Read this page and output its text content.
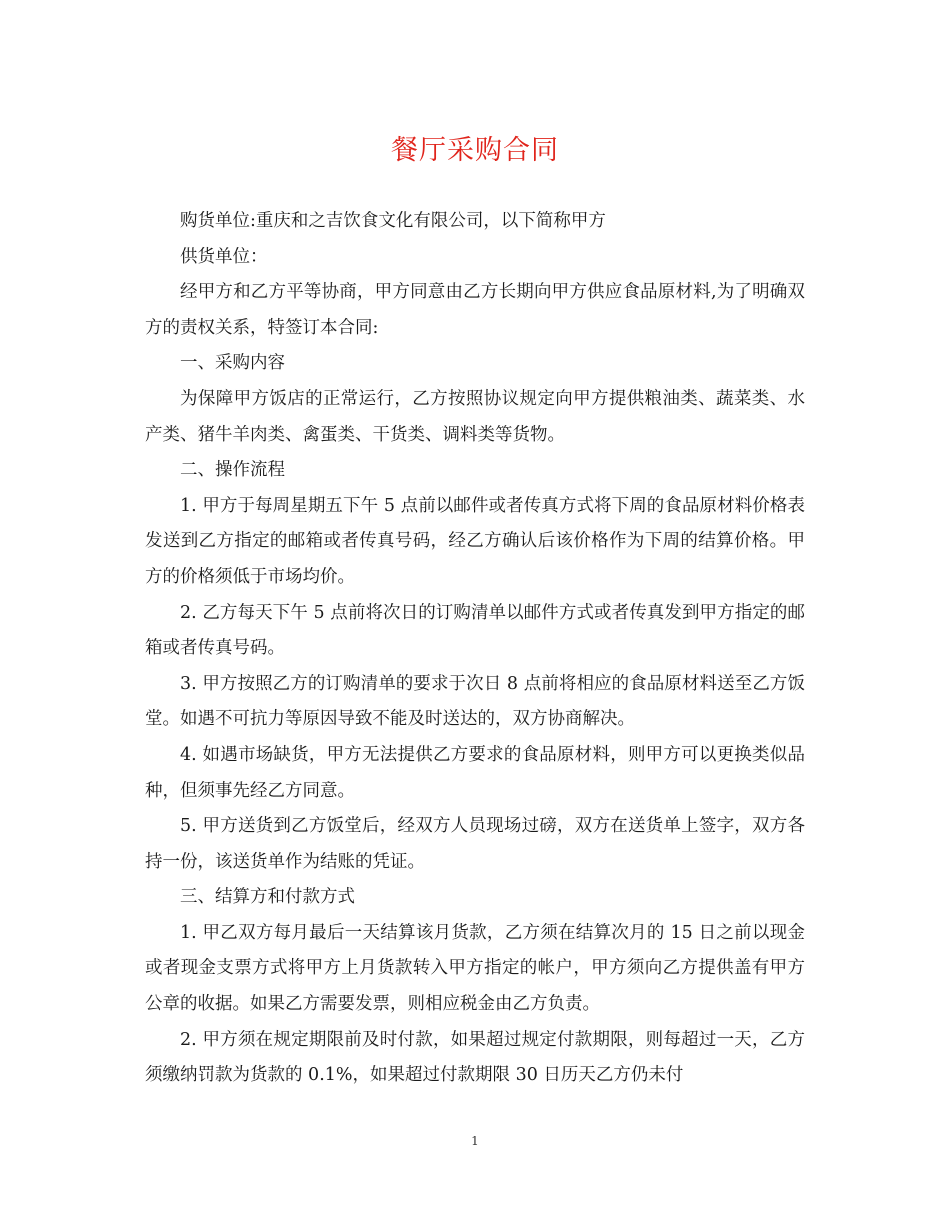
餐厅采购合同

购货单位:重庆和之吉饮食文化有限公司，以下简称甲方

供货单位：

经甲方和乙方平等协商，甲方同意由乙方长期向甲方供应食品原材料,为了明确双方的责权关系，特签订本合同:

一、采购内容

为保障甲方饭店的正常运行，乙方按照协议规定向甲方提供粮油类、蔬菜类、水产类、猪牛羊肉类、禽蛋类、干货类、调料类等货物。

二、操作流程

1. 甲方于每周星期五下午 5 点前以邮件或者传真方式将下周的食品原材料价格表发送到乙方指定的邮箱或者传真号码，经乙方确认后该价格作为下周的结算价格。甲方的价格须低于市场均价。

2. 乙方每天下午 5 点前将次日的订购清单以邮件方式或者传真发到甲方指定的邮箱或者传真号码。

3. 甲方按照乙方的订购清单的要求于次日 8 点前将相应的食品原材料送至乙方饭堂。如遇不可抗力等原因导致不能及时送达的，双方协商解决。

4. 如遇市场缺货，甲方无法提供乙方要求的食品原材料，则甲方可以更换类似品种，但须事先经乙方同意。

5. 甲方送货到乙方饭堂后，经双方人员现场过磅，双方在送货单上签字，双方各持一份，该送货单作为结账的凭证。

三、结算方和付款方式

1. 甲乙双方每月最后一天结算该月货款，乙方须在结算次月的 15 日之前以现金或者现金支票方式将甲方上月货款转入甲方指定的帐户，甲方须向乙方提供盖有甲方公章的收据。如果乙方需要发票，则相应税金由乙方负责。

2. 甲方须在规定期限前及时付款，如果超过规定付款期限，则每超过一天，乙方须缴纳罚款为货款的 0.1%，如果超过付款期限 30 日历天乙方仍未付

1
